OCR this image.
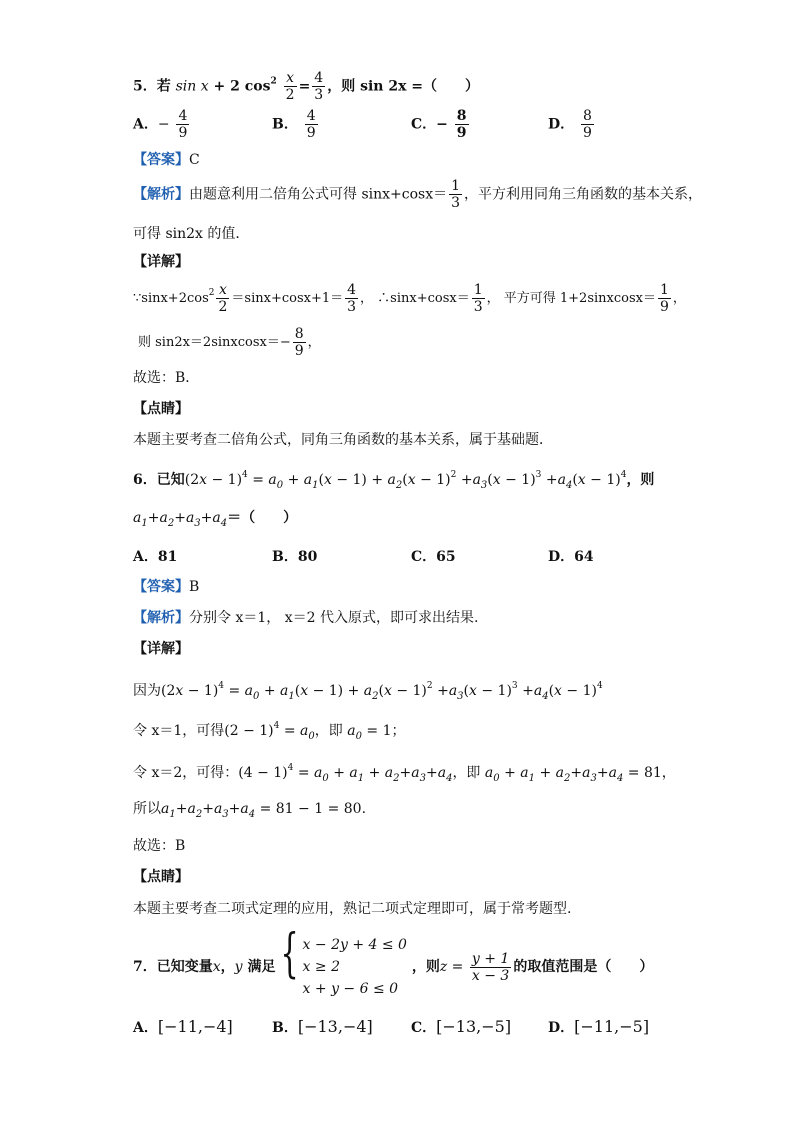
5．若 sin x + 2 $\cos^2 \frac{x}{2} = \frac{4}{3}$ ，则 sin 2x =（　　）
A．− $\frac{4}{9}$	B． $\frac{4}{9}$	C．− $\frac{8}{9}$	D． $\frac{8}{9}$
【答案】C
【解析】由题意利用二倍角公式可得 $\sin x+\cos x= \frac{1}{3}$ ，平方利用同角三角函数的基本关系，
可得 sin2x 的值．
【详解】
$\because\sin x+2\cos^2 \frac{x}{2} =\sin x+\cos x+1= \frac{4}{3}$ ， ∴sinx+cosx＝ $\frac{1}{3}$ ， 平方可得 1+2sinxcosx＝ $\frac{1}{9}$ ，
则 sin2x＝2sinxcosx＝− $\frac{8}{9}$ ，
故选：B．
【点睛】
本题主要考查二倍角公式，同角三角函数的基本关系，属于基础题．
6．已知$(2x - 1)^4 = a_0 + a_1(x - 1) + a_2(x - 1)^2 +a_3(x - 1)^3 +a_4(x - 1)^4$，则
$a_1+a_2+a_3+a_4=$（　　）
A．81	B．80	C．65	D．64
【答案】B
【解析】分别令 x＝1， x＝2 代入原式，即可求出结果.
【详解】
因为$(2x - 1)^4 = a_0 + a_1(x - 1) + a_2(x - 1)^2 +a_3(x - 1)^3 +a_4(x - 1)^4$
令 x＝1，可得$(2 - 1)^4 = a_0$，即 $a_0 = 1$；
令 x＝2，可得：$(4 - 1)^4 = a_0 + a_1 + a_2+a_3+a_4$，即 $a_0 + a_1 + a_2+a_3+a_4 = 81$，
所以$a_1+a_2+a_3+a_4 = 81 - 1 = 80$.
故选：B
【点睛】
本题主要考查二项式定理的应用，熟记二项式定理即可，属于常考题型.
7．已知变量x，y 满足 { x − 2y + 4 ≤ 0
x ≥ 2
x + y − 6 ≤ 0
，则$z = \frac{y + 1}{x - 3}$ 的取值范围是（　　）
A．[−11,−4]	B．[−13,−4]	C．[−13,−5]	D．[−11,−5]
